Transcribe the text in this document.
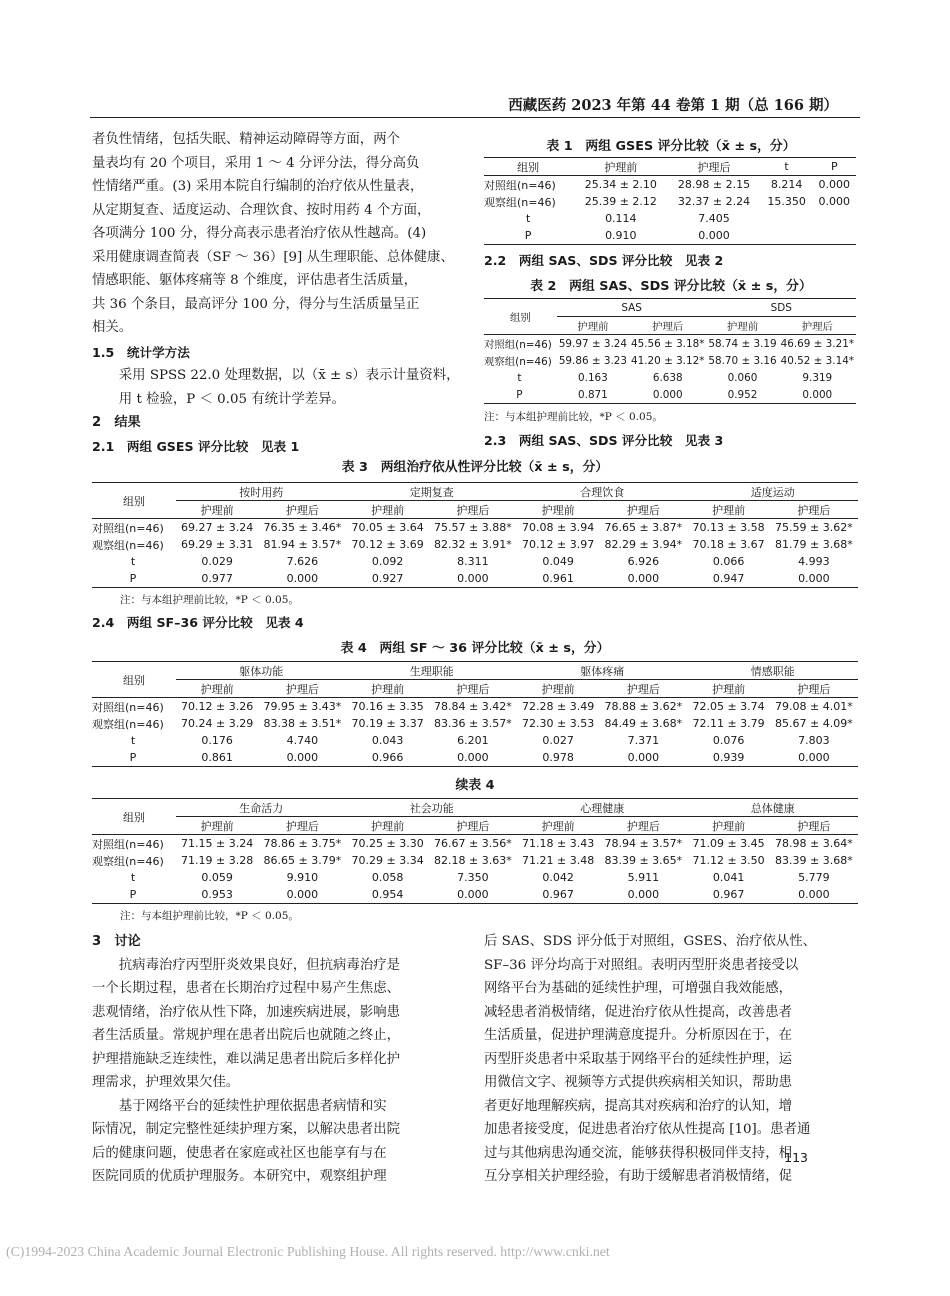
西藏医药 2023 年第 44 卷第 1 期（总 166 期）
者负性情绪，包括失眠、精神运动障碍等方面，两个
量表均有 20 个项目，采用 1 ～ 4 分评分法，得分高负
性情绪严重。(3) 采用本院自行编制的治疗依从性量表，
从定期复查、适度运动、合理饮食、按时用药 4 个方面，
各项满分 100 分，得分高表示患者治疗依从性越高。(4)
采用健康调查简表（SF ～ 36）[9] 从生理职能、总体健康、
情感职能、躯体疼痛等 8 个维度，评估患者生活质量，
共 36 个条目，最高评分 100 分，得分与生活质量呈正
相关。

1.5　统计学方法

采用 SPSS 22.0 处理数据，以（x̄ ± s）表示计量资料，
用 t 检验，P ＜ 0.05 有统计学差异。

2　结果

2.1　两组 GSES 评分比较　见表 1

表 1　两组 GSES 评分比较（x̄ ± s，分）
组别	护理前	护理后	t	P
对照组(n=46)	25.34 ± 2.10	28.98 ± 2.15	8.214	0.000
观察组(n=46)	25.39 ± 2.12	32.37 ± 2.24	15.350	0.000
t	0.114	7.405		
P	0.910	0.000		
2.2　两组 SAS、SDS 评分比较　见表 2
表 2　两组 SAS、SDS 评分比较（x̄ ± s，分）
组别	SAS		SDS	
	护理前	护理后	护理前	护理后
对照组(n=46)	59.97 ± 3.24	45.56 ± 3.18*	58.74 ± 3.19	46.69 ± 3.21*
观察组(n=46)	59.86 ± 3.23	41.20 ± 3.12*	58.70 ± 3.16	40.52 ± 3.14*
t	0.163	6.638	0.060	9.319
P	0.871	0.000	0.952	0.000
注：与本组护理前比较，*P ＜ 0.05。
2.3　两组 SAS、SDS 评分比较　见表 3
表 3　两组治疗依从性评分比较（x̄ ± s，分）
组别	按时用药		定期复查		合理饮食		适度运动	
	护理前	护理后	护理前	护理后	护理前	护理后	护理前	护理后
对照组(n=46)	69.27 ± 3.24	76.35 ± 3.46*	70.05 ± 3.64	75.57 ± 3.88*	70.08 ± 3.94	76.65 ± 3.87*	70.13 ± 3.58	75.59 ± 3.62*
观察组(n=46)	69.29 ± 3.31	81.94 ± 3.57*	70.12 ± 3.69	82.32 ± 3.91*	70.12 ± 3.97	82.29 ± 3.94*	70.18 ± 3.67	81.79 ± 3.68*
t	0.029	7.626	0.092	8.311	0.049	6.926	0.066	4.993
P	0.977	0.000	0.927	0.000	0.961	0.000	0.947	0.000
注：与本组护理前比较，*P ＜ 0.05。
2.4　两组 SF–36 评分比较　见表 4
表 4　两组 SF ～ 36 评分比较（x̄ ± s，分）
组别	躯体功能		生理职能		躯体疼痛		情感职能	
	护理前	护理后	护理前	护理后	护理前	护理后	护理前	护理后
对照组(n=46)	70.12 ± 3.26	79.95 ± 3.43*	70.16 ± 3.35	78.84 ± 3.42*	72.28 ± 3.49	78.88 ± 3.62*	72.05 ± 3.74	79.08 ± 4.01*
观察组(n=46)	70.24 ± 3.29	83.38 ± 3.51*	70.19 ± 3.37	83.36 ± 3.57*	72.30 ± 3.53	84.49 ± 3.68*	72.11 ± 3.79	85.67 ± 4.09*
t	0.176	4.740	0.043	6.201	0.027	7.371	0.076	7.803
P	0.861	0.000	0.966	0.000	0.978	0.000	0.939	0.000
续表 4
组别	生命活力		社会功能		心理健康		总体健康	
	护理前	护理后	护理前	护理后	护理前	护理后	护理前	护理后
对照组(n=46)	71.15 ± 3.24	78.86 ± 3.75*	70.25 ± 3.30	76.67 ± 3.56*	71.18 ± 3.43	78.94 ± 3.57*	71.09 ± 3.45	78.98 ± 3.64*
观察组(n=46)	71.19 ± 3.28	86.65 ± 3.79*	70.29 ± 3.34	82.18 ± 3.63*	71.21 ± 3.48	83.39 ± 3.65*	71.12 ± 3.50	83.39 ± 3.68*
t	0.059	9.910	0.058	7.350	0.042	5.911	0.041	5.779
P	0.953	0.000	0.954	0.000	0.967	0.000	0.967	0.000
注：与本组护理前比较，*P ＜ 0.05。

3　讨论

抗病毒治疗丙型肝炎效果良好，但抗病毒治疗是
一个长期过程，患者在长期治疗过程中易产生焦虑、
悲观情绪，治疗依从性下降，加速疾病进展，影响患
者生活质量。常规护理在患者出院后也就随之终止，
护理措施缺乏连续性，难以满足患者出院后多样化护
理需求，护理效果欠佳。
基于网络平台的延续性护理依据患者病情和实
际情况，制定完整性延续护理方案，以解决患者出院
后的健康问题，使患者在家庭或社区也能享有与在
医院同质的优质护理服务。本研究中，观察组护理
后 SAS、SDS 评分低于对照组，GSES、治疗依从性、
SF–36 评分均高于对照组。表明丙型肝炎患者接受以
网络平台为基础的延续性护理，可增强自我效能感，
减轻患者消极情绪，促进治疗依从性提高，改善患者
生活质量，促进护理满意度提升。分析原因在于，在
丙型肝炎患者中采取基于网络平台的延续性护理，运
用微信文字、视频等方式提供疾病相关知识，帮助患
者更好地理解疾病，提高其对疾病和治疗的认知，增
加患者接受度，促进患者治疗依从性提高 [10]。患者通
过与其他病患沟通交流，能够获得积极同伴支持，相
互分享相关护理经验，有助于缓解患者消极情绪，促
113
(C)1994-2023 China Academic Journal Electronic Publishing House. All rights reserved. http://www.cnki.net
